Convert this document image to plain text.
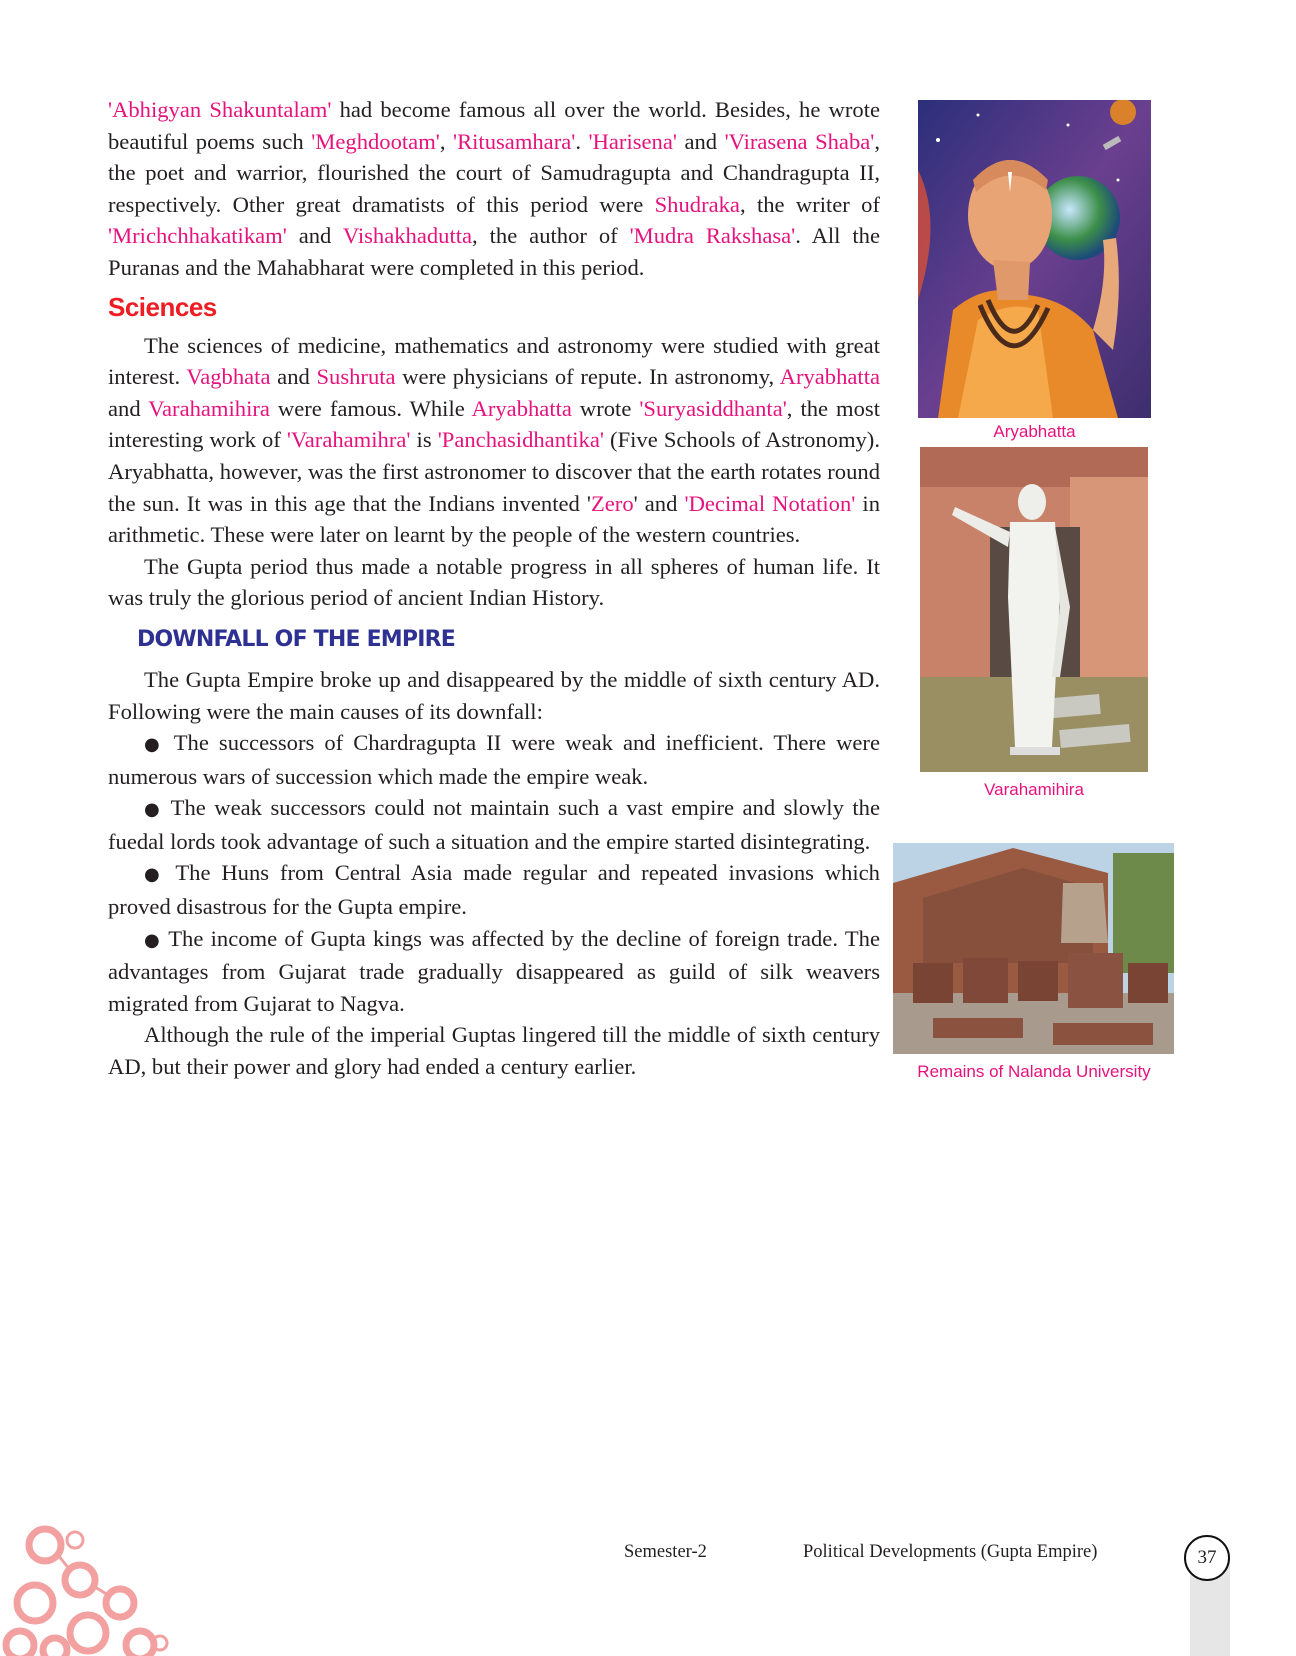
'Abhigyan Shakuntalam' had become famous all over the world. Besides, he wrote beautiful poems such 'Meghdootam', 'Ritusamhara'. 'Harisena' and 'Virasena Shaba', the poet and warrior, flourished the court of Samudragupta and Chandragupta II, respectively. Other great dramatists of this period were Shudraka, the writer of 'Mrichchhakatikam' and Vishakhadutta, the author of 'Mudra Rakshasa'. All the Puranas and the Mahabharat were completed in this period.

Sciences

The sciences of medicine, mathematics and astronomy were studied with great interest. Vagbhata and Sushruta were physicians of repute. In astronomy, Aryabhatta and Varahamihira were famous. While Aryabhatta wrote 'Suryasiddhanta', the most interesting work of 'Varahamihra' is 'Panchasidhantika' (Five Schools of Astronomy). Aryabhatta, however, was the first astronomer to discover that the earth rotates round the sun. It was in this age that the Indians invented 'Zero' and 'Decimal Notation' in arithmetic. These were later on learnt by the people of the western countries.

The Gupta period thus made a notable progress in all spheres of human life. It was truly the glorious period of ancient Indian History.

DOWNFALL OF THE EMPIRE

The Gupta Empire broke up and disappeared by the middle of sixth century AD. Following were the main causes of its downfall:

● The successors of Chardragupta II were weak and inefficient. There were numerous wars of succession which made the empire weak.

● The weak successors could not maintain such a vast empire and slowly the fuedal lords took advantage of such a situation and the empire started disintegrating.

● The Huns from Central Asia made regular and repeated invasions which proved disastrous for the Gupta empire.

● The income of Gupta kings was affected by the decline of foreign trade. The advantages from Gujarat trade gradually disappeared as guild of silk weavers migrated from Gujarat to Nagva.

Although the rule of the imperial Guptas lingered till the middle of sixth century AD, but their power and glory had ended a century earlier.

Aryabhatta
Varahamihira
Remains of Nalanda University
Semester-2	Political Developments (Gupta Empire)	37
